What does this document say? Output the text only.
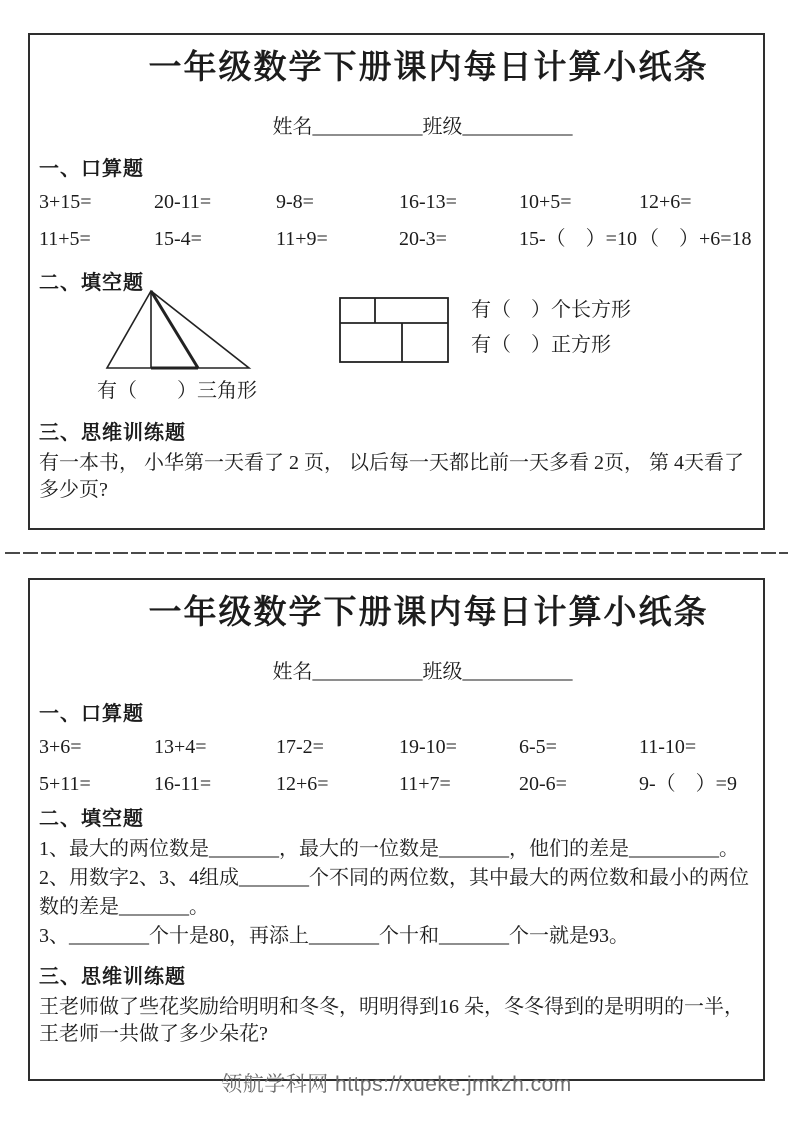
一年级数学下册课内每日计算小纸条
姓名___________班级___________
一、口算题
3+15=	20-11=	9-8=	16-13=	10+5=	12+6=
11+5=	15-4=	11+9=	20-3=	15-（　）=10 （　）+6=18
二、填空题
有（　　）三角形
有（　）个长方形
有（　）正方形
三、思维训练题

有一本书， 小华第一天看了 2 页， 以后每一天都比前一天多看 2页， 第 4天看了多少页?

一年级数学下册课内每日计算小纸条
姓名___________班级___________
一、口算题
3+6=	13+4=	17-2=	19-10=	6-5=	11-10=
5+11=	16-11=	12+6=	11+7=	20-6=	9-（　）=9
二、填空题
1、最大的两位数是_______，最大的一位数是_______，他们的差是_________。
2、用数字2、3、4组成_______个不同的两位数，其中最大的两位数和最小的两位数的差是_______。
3、________个十是80，再添上_______个十和_______个一就是93。
三、思维训练题

王老师做了些花奖励给明明和冬冬，明明得到16 朵，冬冬得到的是明明的一半，王老师一共做了多少朵花?

领航学科网 https://xueke.jmkzh.com
